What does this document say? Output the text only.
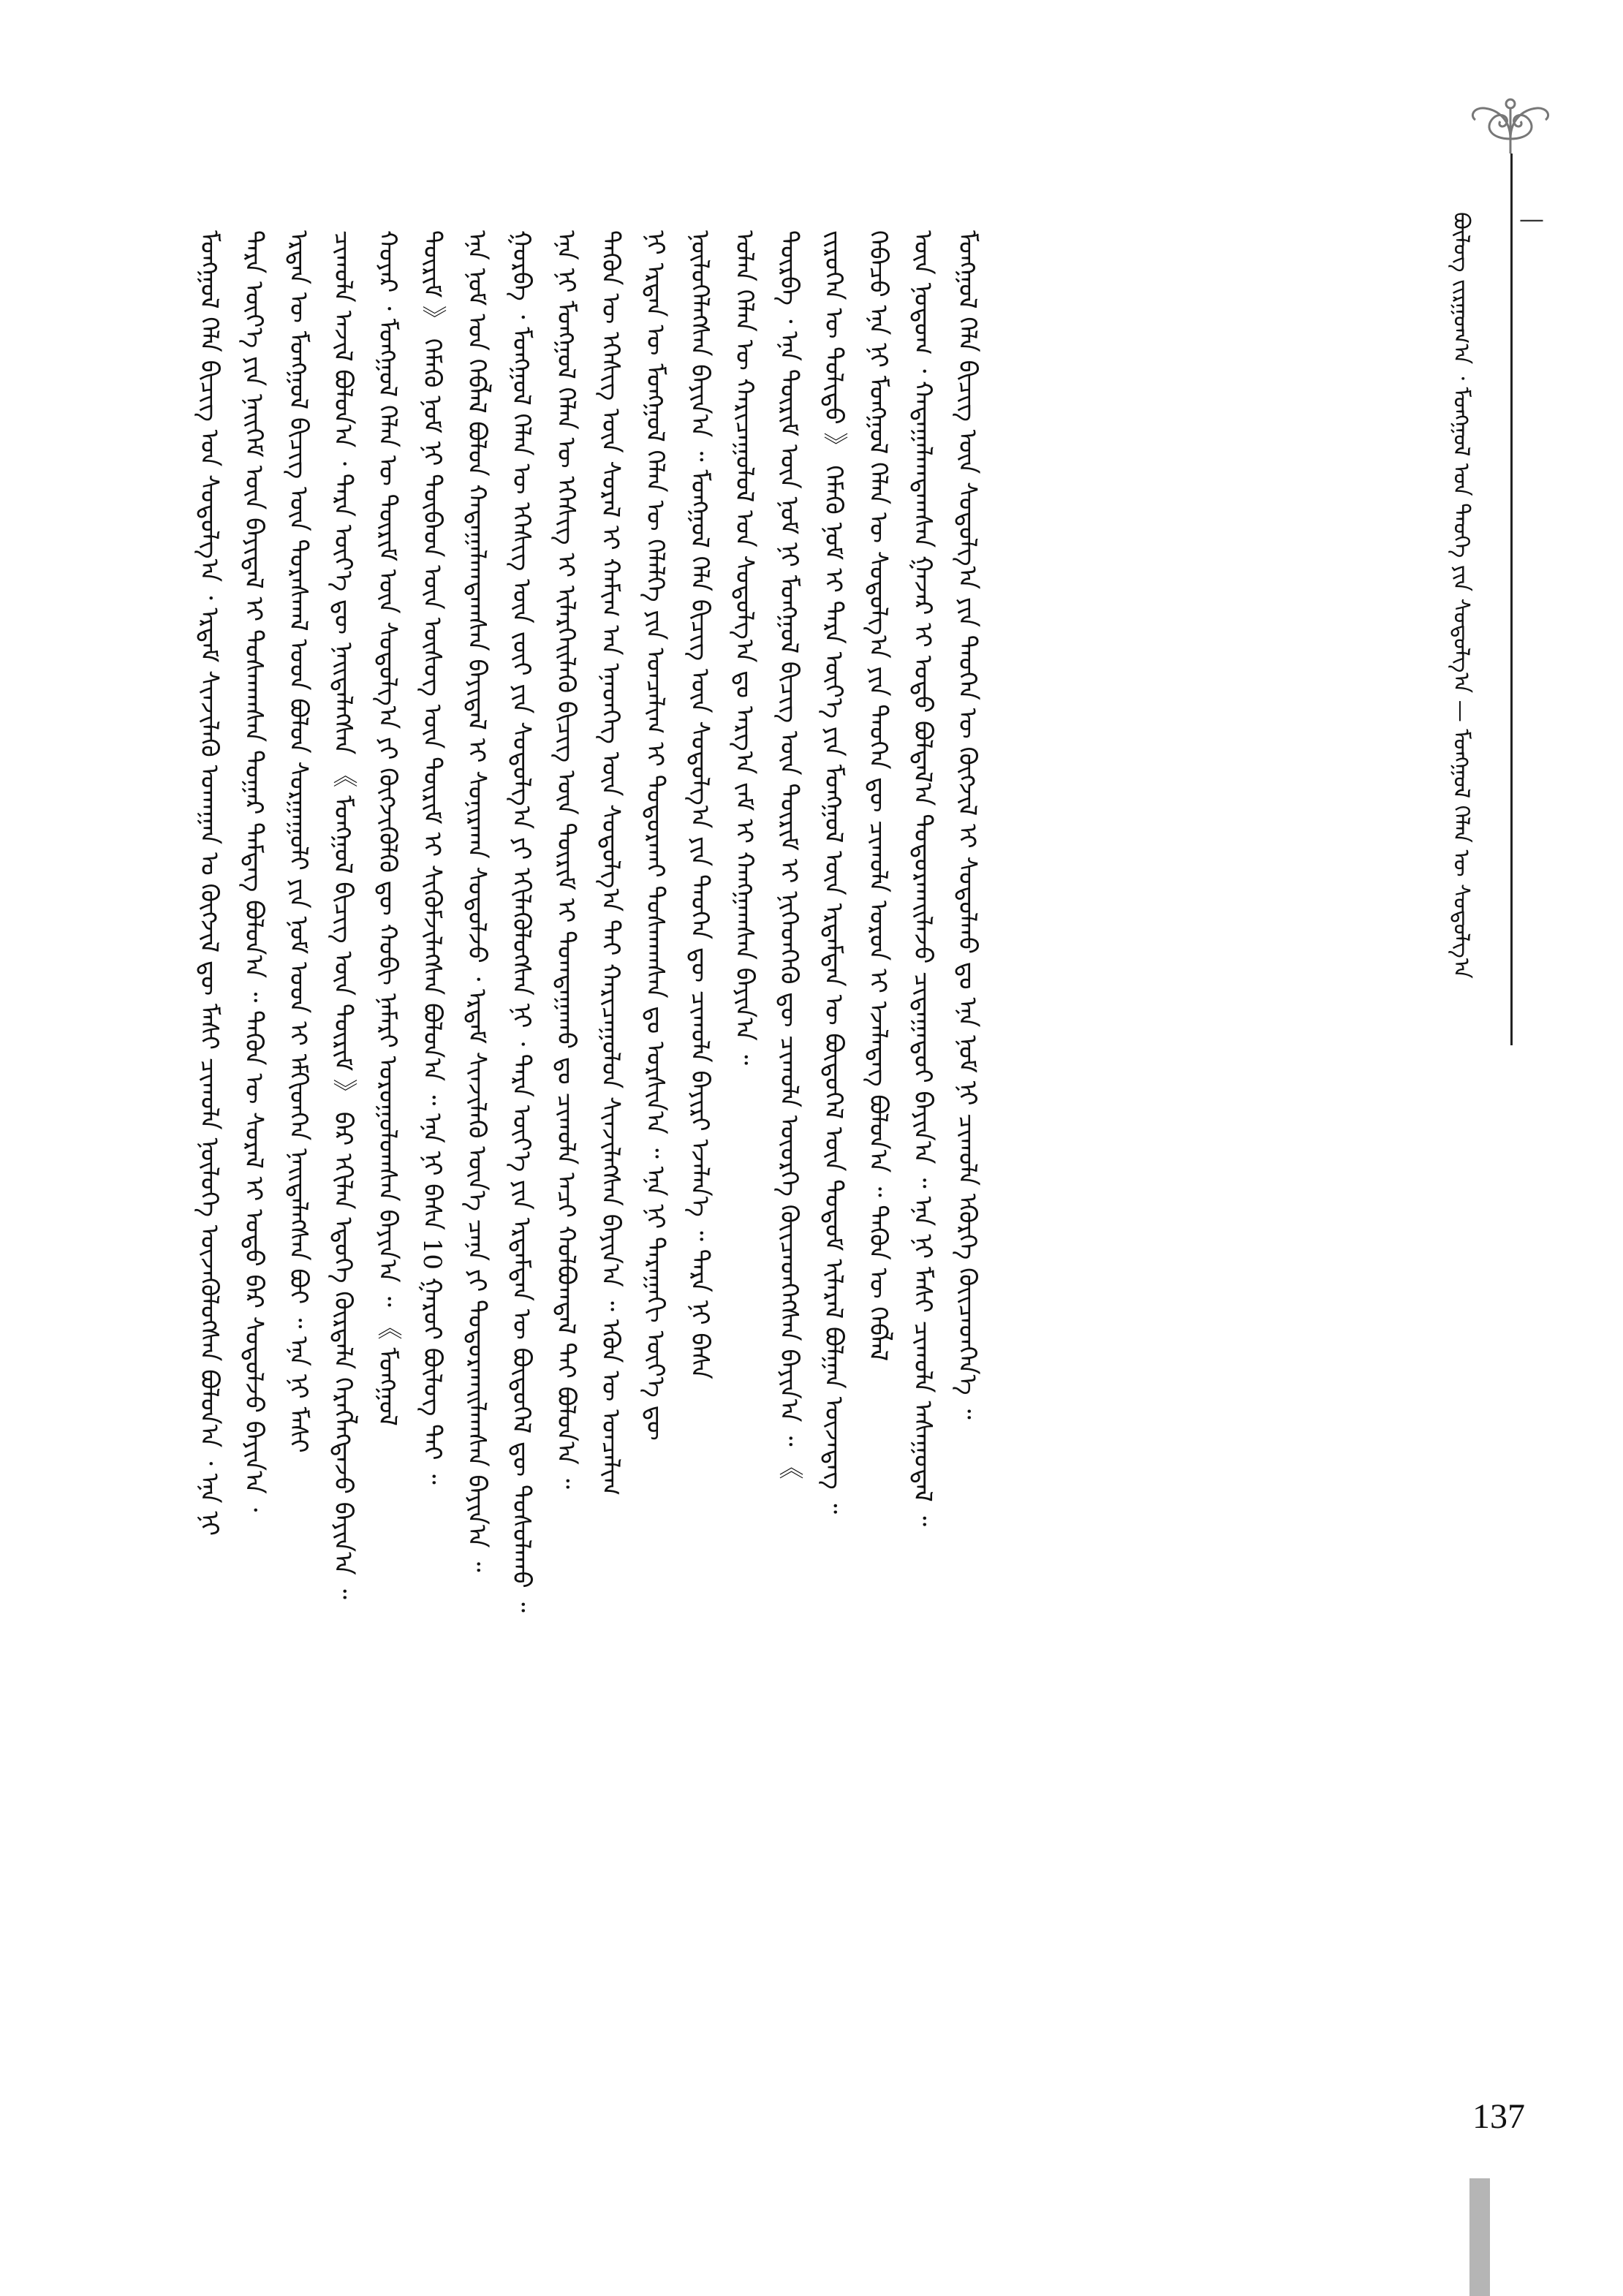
—
ᠪᠦᠯᠦᠭ ᠵᠢᠷᠭᠤᠭ᠎ᠠ ᠂ ᠮᠣᠩᠭᠣᠯ ᠤᠨ ᠲᠡᠦᠬᠡ ᠶᠢᠨ ᠰᠤᠳᠤᠯᠭ᠎ᠠ — ᠮᠣᠩᠭᠣᠯ ᠬᠡᠯᠡᠨ ᠦ ᠰᠤᠳᠤᠯᠭ᠎ᠠ
ᠮᠣᠩᠭᠣᠯ ᠬᠡᠯᠡ ᠪᠢᠴᠢᠭ ᠤᠨ ᠰᠤᠳᠤᠯᠭ᠎ᠠ ᠂ ᠡᠷᠳᠡᠮ ᠰᠢᠨᠵᠢᠯᠡᠬᠦ ᠤᠬᠠᠭᠠᠨ ᠤ ᠬᠥᠭᠵᠢᠯ ᠳᠦ ᠮᠠᠰᠢ ᠴᠢᠬᠤᠯᠠ ᠨᠥᠯᠦᠭᠡ ᠦᠵᠡᠭᠦᠯᠦᠭᠰᠡᠨ ᠪᠣᠯᠤᠨ᠎ᠠ ᠂ ᠡᠨᠡ ᠨᠢ ᠲᠡᠷᠡ ᠦᠶ᠎ᠡ ᠶᠢᠨ ᠨᠡᠢᠭᠡᠮ ᠦᠨ ᠪᠠᠶᠢᠳᠠᠯ ᠢ ᠲᠤᠰᠬᠠᠭᠰᠠᠨ ᠳᠤᠭᠠᠷ ᠲᠡᠮᠳᠡᠭ ᠪᠣᠯᠤᠨ᠎ᠠ ᠃ ᠲᠡᠭᠦᠨ ᠦ ᠰᠤᠷᠠᠯ ᠢ ᠣᠳᠣ ᠪᠠᠷ ᠰᠤᠳᠤᠯᠵᠤ ᠪᠠᠶᠢᠨ᠎ᠠ ᠂ ᠡᠷᠲᠡᠨ ᠦ ᠮᠣᠩᠭᠣᠯ ᠪᠢᠴᠢᠭ ᠦᠨ ᠳᠤᠷᠠᠰᠬᠠᠯ ᠤᠳ ᠪᠣᠯᠤᠨ ᠰᠤᠷᠭᠠᠭᠤᠯᠢ ᠶᠢᠨ ᠨᠣᠮ ᠤᠳ ᠢ ᠡᠮᠬᠢᠳᠬᠡᠨ ᠨᠡᠢᠲᠡᠯᠡᠭᠰᠡᠨ ᠪᠤᠢ ᠃ ᠡᠨᠡ ᠨᠢ ᠮᠠᠰᠢ ᠴᠢᠬᠤᠯᠠ ᠠᠵᠢᠯ ᠪᠣᠯᠤᠨ᠎ᠠ ᠂ ᠲᠡᠷᠡ ᠦᠶ᠎ᠡ ᠳᠦ ᠨᠡᠢᠲᠡᠯᠡᠭᠰᠡᠨ 《 ᠮᠣᠩᠭᠣᠯ ᠪᠢᠴᠢᠭ ᠦᠨ ᠳᠦᠷᠢᠮ 》 ᠪᠡᠷ ᠡᠬᠢᠯᠡᠨ ᠡᠳᠦᠭᠡ ᠬᠦᠷᠲᠡᠯᠡ ᠬᠡᠷᠡᠭᠯᠡᠭᠳᠡᠵᠦ ᠪᠠᠶᠢᠨ᠎ᠠ ᠃ ᠬᠣᠶᠠᠷ ᠂ ᠮᠣᠩᠭᠣᠯ ᠬᠡᠯᠡᠨ ᠦ ᠳᠦᠷᠢᠮ ᠦᠨ ᠰᠤᠳᠤᠯᠭ᠎ᠠ ᠶᠢ ᠬᠥᠭᠵᠢᠭᠦᠯᠬᠦ ᠳᠦ ᠬᠤᠪᠢ ᠨᠡᠮᠡᠷᠢ ᠣᠷᠣᠭᠤᠯᠤᠭᠰᠠᠨ ᠪᠠᠶᠢᠨ᠎ᠠ ᠃ 《 ᠮᠣᠩᠭᠣᠯ ᠳᠦᠷᠢᠮ 》 ᠬᠡᠮᠡᠬᠦ ᠨᠣᠮ ᠨᠢ ᠲᠦᠪᠡᠳ ᠦᠨ ᠦᠰᠦᠭ ᠦᠨ ᠳᠦᠷᠢᠮ ᠢ ᠰᠢᠭᠦᠮᠵᠢᠯᠡᠭᠰᠡᠨ ᠪᠣᠯᠤᠨ᠎ᠠ ᠃ ᠡᠨᠡ ᠨᠢ ᠪᠠᠰᠠ 10 ᠭᠠᠷᠤᠢ ᠪᠦᠯᠦᠭ ᠲᠡᠢ ᠃ ᠡᠨᠡ ᠨᠣᠮ ᠤᠨ ᠬᠡᠪᠯᠡᠯ ᠪᠣᠯᠤᠨ ᠬᠠᠳᠠᠭᠠᠯᠠᠭᠳᠠᠭᠰᠠᠨ ᠪᠠᠶᠢᠳᠠᠯ ᠢ ᠰᠣᠨᠢᠷᠬᠠᠨ ᠰᠤᠳᠤᠯᠵᠤ ᠂ ᠡᠷᠳᠡᠮ ᠰᠢᠨᠵᠢᠯᠡᠬᠦ ᠦᠨ᠎ᠡ ᠴᠡᠨᠡ ᠶᠢ ᠲᠣᠳᠣᠷᠬᠠᠢᠯᠠᠭᠰᠠᠨ ᠪᠠᠶᠢᠨ᠎ᠠ ᠃ ᠭᠤᠷᠪᠠ ᠂ ᠮᠣᠩᠭᠣᠯ ᠬᠡᠯᠡᠨ ᠦ ᠡᠭᠡᠰᠢᠭ ᠦᠨ ᠵᠦᠢ ᠶᠢᠨ ᠰᠤᠳᠤᠯᠭ᠎ᠠ ᠶᠢ ᠡᠬᠢᠯᠡᠭᠦᠯᠦᠭᠰᠡᠨ ᠨᠢ ᠂ ᠲᠡᠷᠡ ᠦᠶ᠎ᠡ ᠶᠢᠨ ᠡᠷᠳᠡᠮᠲᠡᠨ ᠦ ᠪᠦᠲᠦᠭᠡᠯ ᠳᠦ ᠲᠤᠰᠤᠯᠠᠬᠤ ᠃ ᠡᠨᠡ ᠨᠢ ᠮᠣᠩᠭᠣᠯ ᠬᠡᠯᠡᠨ ᠦ ᠡᠭᠡᠰᠢᠭ ᠢ ᠢᠯᠡᠷᠬᠡᠢᠯᠡᠬᠦ ᠪᠢᠴᠢᠭ ᠦᠨ ᠳᠦᠷᠢᠮ ᠢ ᠲᠣᠭᠲᠠᠭᠠᠬᠤ ᠳᠤ ᠴᠢᠬᠤᠯᠠ ᠠᠴᠢ ᠬᠣᠯᠪᠣᠭᠳᠠᠯ ᠲᠠᠢ ᠪᠣᠯᠤᠨ᠎ᠠ ᠃ ᠲᠡᠭᠦᠨ ᠦ ᠡᠭᠡᠰᠢᠭ ᠦᠨ ᠰᠤᠷᠠᠯ ᠢ ᠬᠠᠮᠢᠭ ᠠᠨ ᠡᠨᠡᠳᠬᠡᠭ ᠦᠨ ᠰᠤᠳᠤᠯᠭ᠎ᠠ ᠲᠠᠢ ᠬᠠᠷᠢᠴᠠᠭᠤᠯᠤᠨ ᠰᠢᠨᠵᠢᠯᠡᠭᠰᠡᠨ ᠪᠠᠶᠢᠨ᠎ᠠ ᠃ ᠡᠭᠦᠨ ᠦ ᠣᠨᠴᠠᠯᠢᠭ ᠨᠢ ᠡᠷᠲᠡᠨ ᠦ ᠮᠣᠩᠭᠣᠯ ᠬᠡᠯᠡᠨ ᠦ ᠬᠡᠯᠡᠯᠭᠡ ᠶᠢᠨ ᠣᠨᠴᠠᠯᠢᠭ ᠢ ᠲᠣᠳᠣᠷᠬᠠᠢ ᠲᠤᠰᠬᠠᠭᠰᠠᠨ ᠳᠤ ᠣᠷᠰᠢᠨ᠎ᠠ ᠃ ᠡᠨᠡ ᠨᠢ ᠳᠠᠷᠠᠭᠠᠬᠢ ᠦᠶ᠎ᠡ ᠳᠦ ᠨᠥᠯᠦᠭᠡᠯᠡᠭᠰᠡᠨ ᠪᠠᠶᠢᠨ᠎ᠠ ᠃ ᠮᠣᠩᠭᠣᠯ ᠬᠡᠯᠡ ᠪᠢᠴᠢᠭ ᠦᠨ ᠰᠤᠳᠤᠯᠭ᠎ᠠ ᠶᠢᠨ ᠲᠡᠦᠬᠡᠨ ᠳᠦ ᠴᠢᠬᠤᠯᠠ ᠪᠠᠶᠢᠷᠢ ᠡᠵᠡᠯᠡᠨ᠎ᠡ ᠃ ᠲᠡᠷᠡ ᠨᠢ ᠪᠠᠰᠠ ᠣᠯᠠᠨ ᠬᠡᠯᠡᠨ ᠦ ᠬᠠᠷᠢᠴᠠᠭᠤᠯᠤᠯ ᠤᠨ ᠰᠤᠳᠤᠯᠭ᠎ᠠ ᠳᠤ ᠠᠷᠭ᠎ᠠ ᠵᠠᠮ ᠢ ᠬᠠᠩᠭᠠᠭᠰᠠᠨ ᠪᠠᠶᠢᠨ᠎ᠠ ᠃ ᠳᠥᠷᠪᠡ ᠂ ᠡᠨᠡ ᠳᠦᠷᠢᠮ ᠦᠨ ᠨᠣᠮ ᠨᠢ ᠮᠣᠩᠭᠣᠯ ᠪᠢᠴᠢᠭ ᠦᠨ ᠳᠦᠷᠢᠮ ᠢ ᠨᠢᠭᠡᠳᠭᠡᠬᠦ ᠳᠦ ᠴᠢᠬᠤᠯᠠ ᠦᠦᠷᠭᠡ ᠭᠦᠢᠴᠡᠳᠬᠡᠭᠰᠡᠨ ᠪᠠᠶᠢᠨ᠎ᠠ ᠃ 《 ᠵᠢᠷᠦᠭᠡᠨ ᠦ ᠲᠣᠯᠢᠲᠤ 》 ᠬᠡᠮᠡᠬᠦ ᠨᠣᠮ ᠢ ᠲᠡᠷᠡ ᠦᠶ᠎ᠡ ᠶᠢᠨ ᠮᠣᠩᠭᠣᠯ ᠦᠨ ᠡᠷᠳᠡᠮᠲᠡᠨ ᠦ ᠪᠦᠲᠦᠭᠡᠯ ᠦᠨ ᠳᠤᠲᠤᠮ ᠢᠯᠡᠷᠡᠯ ᠪᠣᠯᠭᠠᠨ ᠦᠵᠡᠳᠡᠭ ᠃ ᠭᠡᠪᠡᠴᠦ ᠡᠨᠡ ᠨᠢ ᠮᠣᠩᠭᠣᠯ ᠬᠡᠯᠡᠨ ᠦ ᠰᠤᠳᠤᠯᠭ᠎ᠠ ᠶᠢᠨ ᠲᠡᠦᠬᠡᠨ ᠳᠦ ᠴᠢᠬᠤᠯᠠ ᠣᠷᠤᠨ ᠢ ᠡᠵᠡᠯᠡᠳᠡᠭ ᠪᠣᠯᠤᠨ᠎ᠠ ᠃ ᠲᠡᠭᠦᠨ ᠦ ᠬᠡᠪᠯᠡᠯ ᠦᠨ ᠨᠤᠲᠤᠭ ᠂ ᠬᠠᠳᠠᠭᠠᠯᠠᠭᠳᠠᠭᠰᠠᠨ ᠭᠠᠵᠠᠷ ᠢ ᠣᠳᠣ ᠪᠣᠯᠲᠠᠯ᠎ᠠ ᠲᠣᠳᠣᠷᠬᠠᠢᠯᠠᠵᠤ ᠴᠢᠳᠠᠭᠠᠳᠤᠢ ᠪᠠᠶᠢᠨ᠎ᠠ ᠃ ᠡᠨᠡ ᠨᠢ ᠮᠠᠰᠢ ᠴᠢᠬᠤᠯᠠ ᠠᠰᠠᠭᠤᠳᠠᠯ ᠃ ᠮᠣᠩᠭᠣᠯ ᠬᠡᠯᠡ ᠪᠢᠴᠢᠭ ᠦᠨ ᠰᠤᠳᠤᠯᠭ᠎ᠠ ᠶᠢᠨ ᠲᠡᠦᠬᠡᠨ ᠦ ᠬᠥᠭᠵᠢᠯ ᠢ ᠰᠤᠳᠤᠯᠬᠤ ᠳᠤ ᠡᠨᠡ ᠨᠣᠮ ᠨᠢ ᠴᠢᠬᠤᠯᠠ ᠡᠬᠦᠷᠭᠡ ᠭᠦᠢᠴᠡᠳᠬᠡᠨ᠎ᠡ ᠃
137
